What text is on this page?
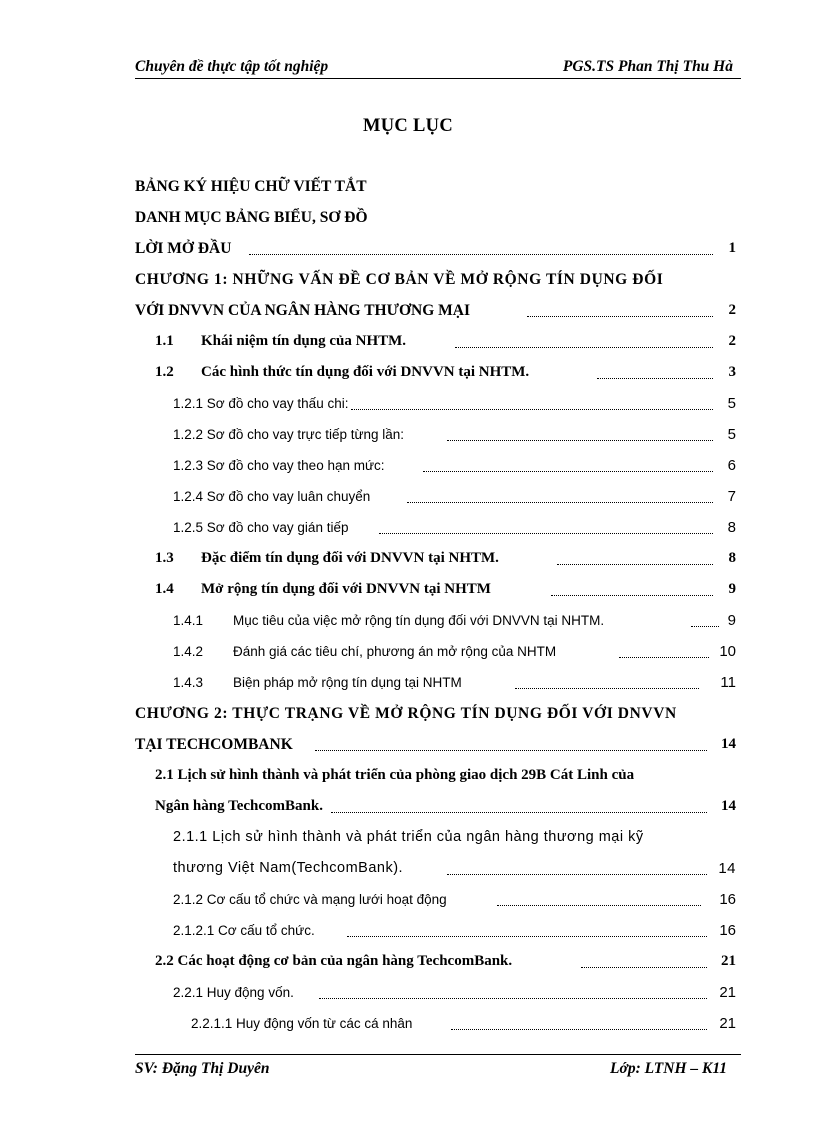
Chuyên đề thực tập tốt nghiệp	PGS.TS Phan Thị Thu Hà
MỤC LỤC
BẢNG KÝ HIỆU CHỮ VIẾT TẮT
DANH MỤC BẢNG BIỂU, SƠ ĐỒ
LỜI MỞ ĐẦU	1
CHƯƠNG 1: NHỮNG VẤN ĐỀ CƠ BẢN VỀ MỞ RỘNG TÍN DỤNG ĐỐI
VỚI DNVVN CỦA NGÂN HÀNG THƯƠNG MẠI	2
1.1 Khái niệm tín dụng của NHTM.	2
1.2 Các hình thức tín dụng đối với DNVVN tại NHTM.	3
1.2.1 Sơ đồ cho vay thấu chi:	5
1.2.2 Sơ đồ cho vay trực tiếp từng lần:	5
1.2.3 Sơ đồ cho vay theo hạn mức:	6
1.2.4 Sơ đồ cho vay luân chuyển	7
1.2.5 Sơ đồ cho vay gián tiếp	8
1.3 Đặc điểm tín dụng đối với DNVVN tại NHTM.	8
1.4 Mở rộng tín dụng đối với DNVVN tại NHTM	9
1.4.1 Mục tiêu của việc mở rộng tín dụng đối với DNVVN tại NHTM.	9
1.4.2 Đánh giá các tiêu chí, phương án mở rộng của NHTM	10
1.4.3 Biện pháp mở rộng tín dụng tại NHTM	11
CHƯƠNG 2: THỰC TRẠNG VỀ MỞ RỘNG TÍN DỤNG ĐỐI VỚI DNVVN
TẠI TECHCOMBANK	14
2.1 Lịch sử hình thành và phát triển của phòng giao dịch 29B Cát Linh của
Ngân hàng TechcomBank.	14
2.1.1 Lịch sử hình thành và phát triển của ngân hàng thương mại kỹ
thương Việt Nam(TechcomBank).	14
2.1.2 Cơ cấu tổ chức và mạng lưới hoạt động	16
2.1.2.1 Cơ cấu tổ chức.	16
2.2 Các hoạt động cơ bản của ngân hàng TechcomBank.	21
2.2.1 Huy động vốn.	21
2.2.1.1 Huy động vốn từ các cá nhân	21
SV: Đặng Thị Duyên	Lớp: LTNH – K11
